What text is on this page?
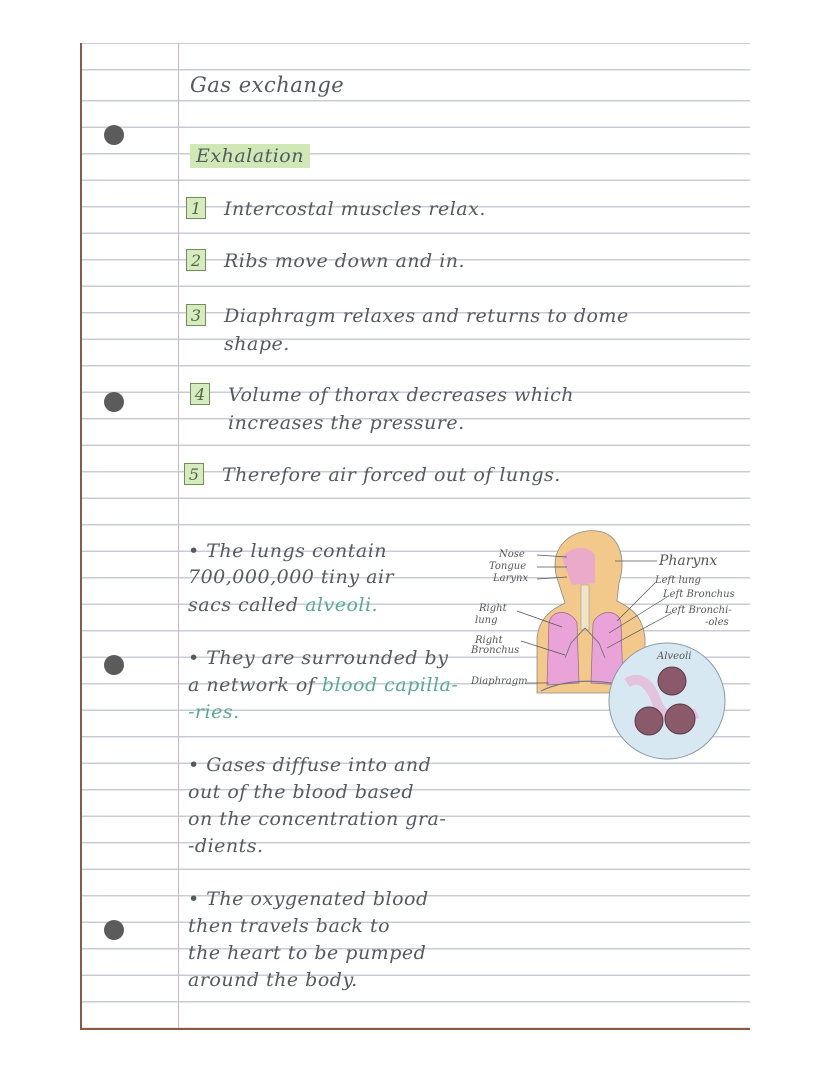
Gas exchange
Exhalation
1 Intercostal muscles relax.
2 Ribs move down and in.
3 Diaphragm relaxes and returns to dome
shape.
4 Volume of thorax decreases which
increases the pressure.
5 Therefore air forced out of lungs.
• The lungs contain
700,000,000 tiny air
sacs called alveoli.
• They are surrounded by
a network of blood capilla-
-ries.
• Gases diffuse into and
out of the blood based
on the concentration gra-
-dients.
• The oxygenated blood
then travels back to
the heart to be pumped
around the body.
Nose
Tongue
Larynx
Right
lung
Right
Bronchus
Diaphragm
Pharynx
Left lung
Left Bronchus
Left Bronchi-
-oles
Alveoli
